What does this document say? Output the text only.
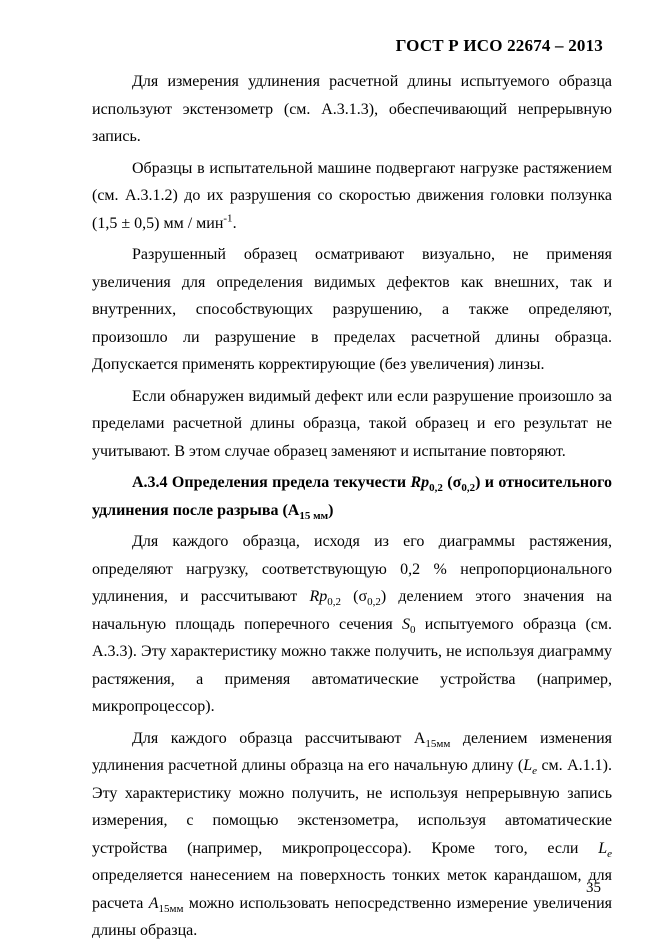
ГОСТ Р ИСО 22674 – 2013

Для измерения удлинения расчетной длины испытуемого образца используют экстензометр (см. А.3.1.3), обеспечивающий непрерывную запись.

Образцы в испытательной машине подвергают нагрузке растяжением (см. А.3.1.2) до их разрушения со скоростью движения головки ползунка (1,5 ± 0,5) мм / мин$^{-1}$.

Разрушенный образец осматривают визуально, не применяя увеличения для определения видимых дефектов как внешних, так и внутренних, способствующих разрушению, а также определяют, произошло ли разрушение в пределах расчетной длины образца. Допускается применять корректирующие (без увеличения) линзы.

Если обнаружен видимый дефект или если разрушение произошло за пределами расчетной длины образца, такой образец и его результат не учитывают. В этом случае образец заменяют и испытание повторяют.

А.3.4 Определения предела текучести $Rp_{0,2}$ $(\sigma_{0,2})$ и относительного удлинения после разрыва $(А_{15 мм})$

Для каждого образца, исходя из его диаграммы растяжения, определяют нагрузку, соответствующую 0,2 % непропорционального удлинения, и рассчитывают $Rp_{0,2}$ $(\sigma_{0,2})$ делением этого значения на начальную площадь поперечного сечения $S_0$ испытуемого образца (см. А.3.3). Эту характеристику можно также получить, не используя диаграмму растяжения, а применяя автоматические устройства (например, микропроцессор).

Для каждого образца рассчитывают $А_{15мм}$ делением изменения удлинения расчетной длины образца на его начальную длину ($L_e$ см. А.1.1). Эту характеристику можно получить, не используя непрерывную запись измерения, с помощью экстензометра, используя автоматические устройства (например, микропроцессора). Кроме того, если $L_e$ определяется нанесением на поверхность тонких меток карандашом, для расчета $А_{15мм}$ можно использовать непосредственно измерение увеличения длины образца.

35
